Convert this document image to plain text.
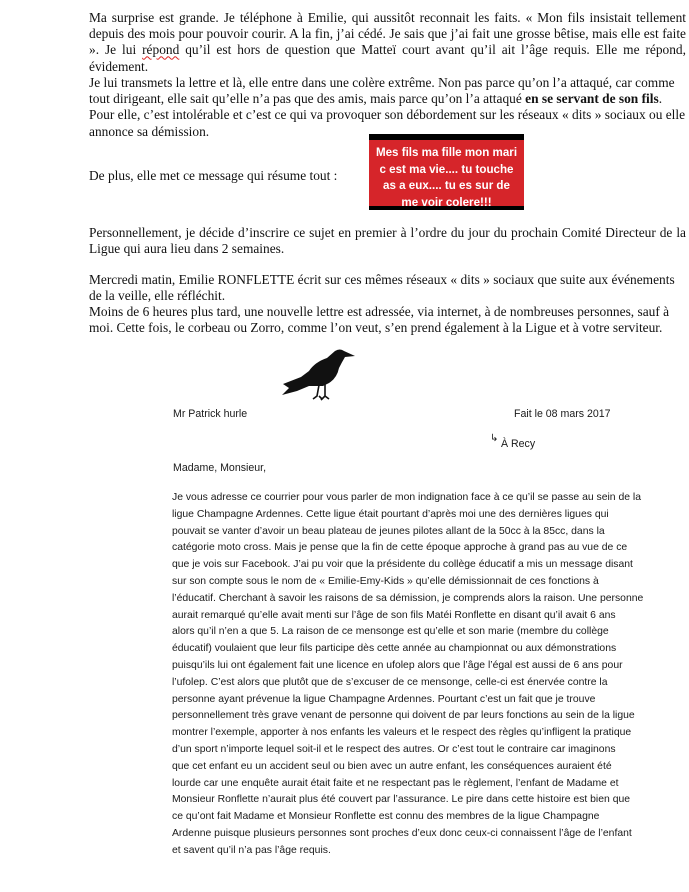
Ma surprise est grande. Je téléphone à Emilie, qui aussitôt reconnait les faits. « Mon fils insistait tellement depuis des mois pour pouvoir courir. A la fin, j’ai cédé. Je sais que j’ai fait une grosse bêtise, mais elle est faite ». Je lui répond qu’il est hors de question que Matteï court avant qu’il ait l’âge requis. Elle me répond, évidement.

Je lui transmets la lettre et là, elle entre dans une colère extrême. Non pas parce qu’on l’a attaqué, car comme tout dirigeant, elle sait qu’elle n’a pas que des amis, mais parce qu’on l’a attaqué en se servant de son fils. Pour elle, c’est intolérable et c’est ce qui va provoquer son débordement sur les réseaux « dits » sociaux ou elle annonce sa démission.

De plus, elle met ce message qui résume tout :

Mes fils ma fille mon mari
c est ma vie.... tu touche
as a eux.... tu es sur de
me voir colere!!!

Personnellement, je décide d’inscrire ce sujet en premier à l’ordre du jour du prochain Comité Directeur de la Ligue qui aura lieu dans 2 semaines.

Mercredi matin, Emilie RONFLETTE écrit sur ces mêmes réseaux « dits » sociaux que suite aux événements de la veille, elle réfléchit.

Moins de 6 heures plus tard, une nouvelle lettre est adressée, via internet, à de nombreuses personnes, sauf à moi. Cette fois, le corbeau ou Zorro, comme l’on veut, s’en prend également à la Ligue et à votre serviteur.

Mr Patrick hurle	Fait le 08 mars 2017
↳ À Recy
Madame, Monsieur,
Je vous adresse ce courrier pour vous parler de mon indignation face à ce qu’il se passe au sein de la
ligue Champagne Ardennes. Cette ligue était pourtant d’après moi une des dernières ligues qui
pouvait se vanter d’avoir un beau plateau de jeunes pilotes allant de la 50cc à la 85cc, dans la
catégorie moto cross. Mais je pense que la fin de cette époque approche à grand pas au vue de ce
que je vois sur Facebook. J’ai pu voir que la présidente du collège éducatif a mis un message disant
sur son compte sous le nom de « Emilie-Emy-Kids » qu’elle démissionnait de ces fonctions à
l’éducatif. Cherchant à savoir les raisons de sa démission, je comprends alors la raison. Une personne
aurait remarqué qu’elle avait menti sur l’âge de son fils Matéi Ronflette en disant qu’il avait 6 ans
alors qu’il n’en a que 5. La raison de ce mensonge est qu’elle et son marie (membre du collège
éducatif) voulaient que leur fils participe dès cette année au championnat ou aux démonstrations
puisqu’ils lui ont également fait une licence en ufolep alors que l’âge l’égal est aussi de 6 ans pour
l’ufolep. C’est alors que plutôt que de s’excuser de ce mensonge, celle-ci est énervée contre la
personne ayant prévenue la ligue Champagne Ardennes. Pourtant c’est un fait que je trouve
personnellement très grave venant de personne qui doivent de par leurs fonctions au sein de la ligue
montrer l’exemple, apporter à nos enfants les valeurs et le respect des règles qu’infligent la pratique
d’un sport n’importe lequel soit-il et le respect des autres. Or c’est tout le contraire car imaginons
que cet enfant eu un accident seul ou bien avec un autre enfant, les conséquences auraient été
lourde car une enquête aurait était faite et ne respectant pas le règlement, l’enfant de Madame et
Monsieur Ronflette n’aurait plus été couvert par l’assurance. Le pire dans cette histoire est bien que
ce qu’ont fait Madame et Monsieur Ronflette est connu des membres de la ligue Champagne
Ardenne puisque plusieurs personnes sont proches d’eux donc ceux-ci connaissent l’âge de l’enfant
et savent qu’il n’a pas l’âge requis.
